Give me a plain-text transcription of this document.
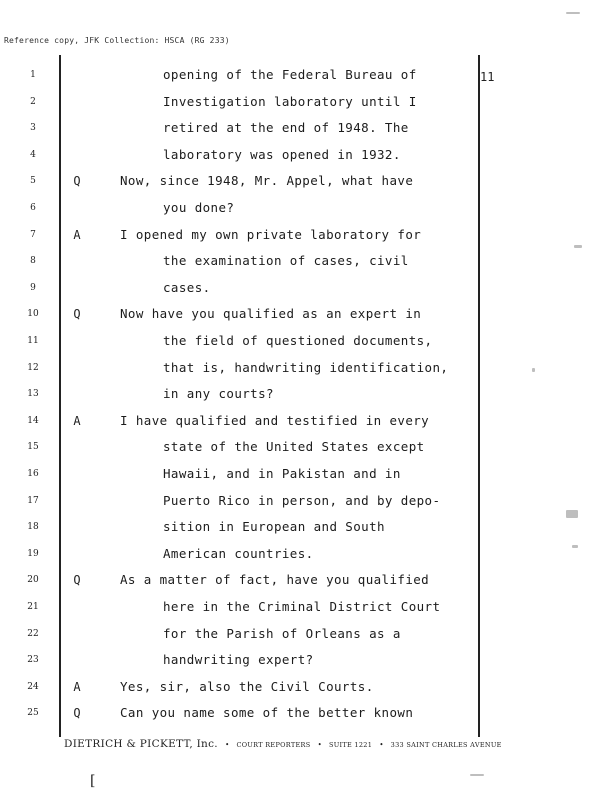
Reference copy, JFK Collection: HSCA (RG 233)
11
1	opening of the Federal Bureau of
2	Investigation laboratory until I
3	retired at the end of 1948. The
4	laboratory was opened in 1932.
5	Q	Now, since 1948, Mr. Appel, what have
6	you done?
7	A	I opened my own private laboratory for
8	the examination of cases, civil
9	cases.
10	Q	Now have you qualified as an expert in
11	the field of questioned documents,
12	that is, handwriting identification,
13	in any courts?
14	A	I have qualified and testified in every
15	state of the United States except
16	Hawaii, and in Pakistan and in
17	Puerto Rico in person, and by depo-
18	sition in European and South
19	American countries.
20	Q	As a matter of fact, have you qualified
21	here in the Criminal District Court
22	for the Parish of Orleans as a
23	handwriting expert?
24	A	Yes, sir, also the Civil Courts.
25	Q	Can you name some of the better known
DIETRICH & PICKETT, Inc. • COURT REPORTERS • SUITE 1221 • 333 SAINT CHARLES AVENUE
[
